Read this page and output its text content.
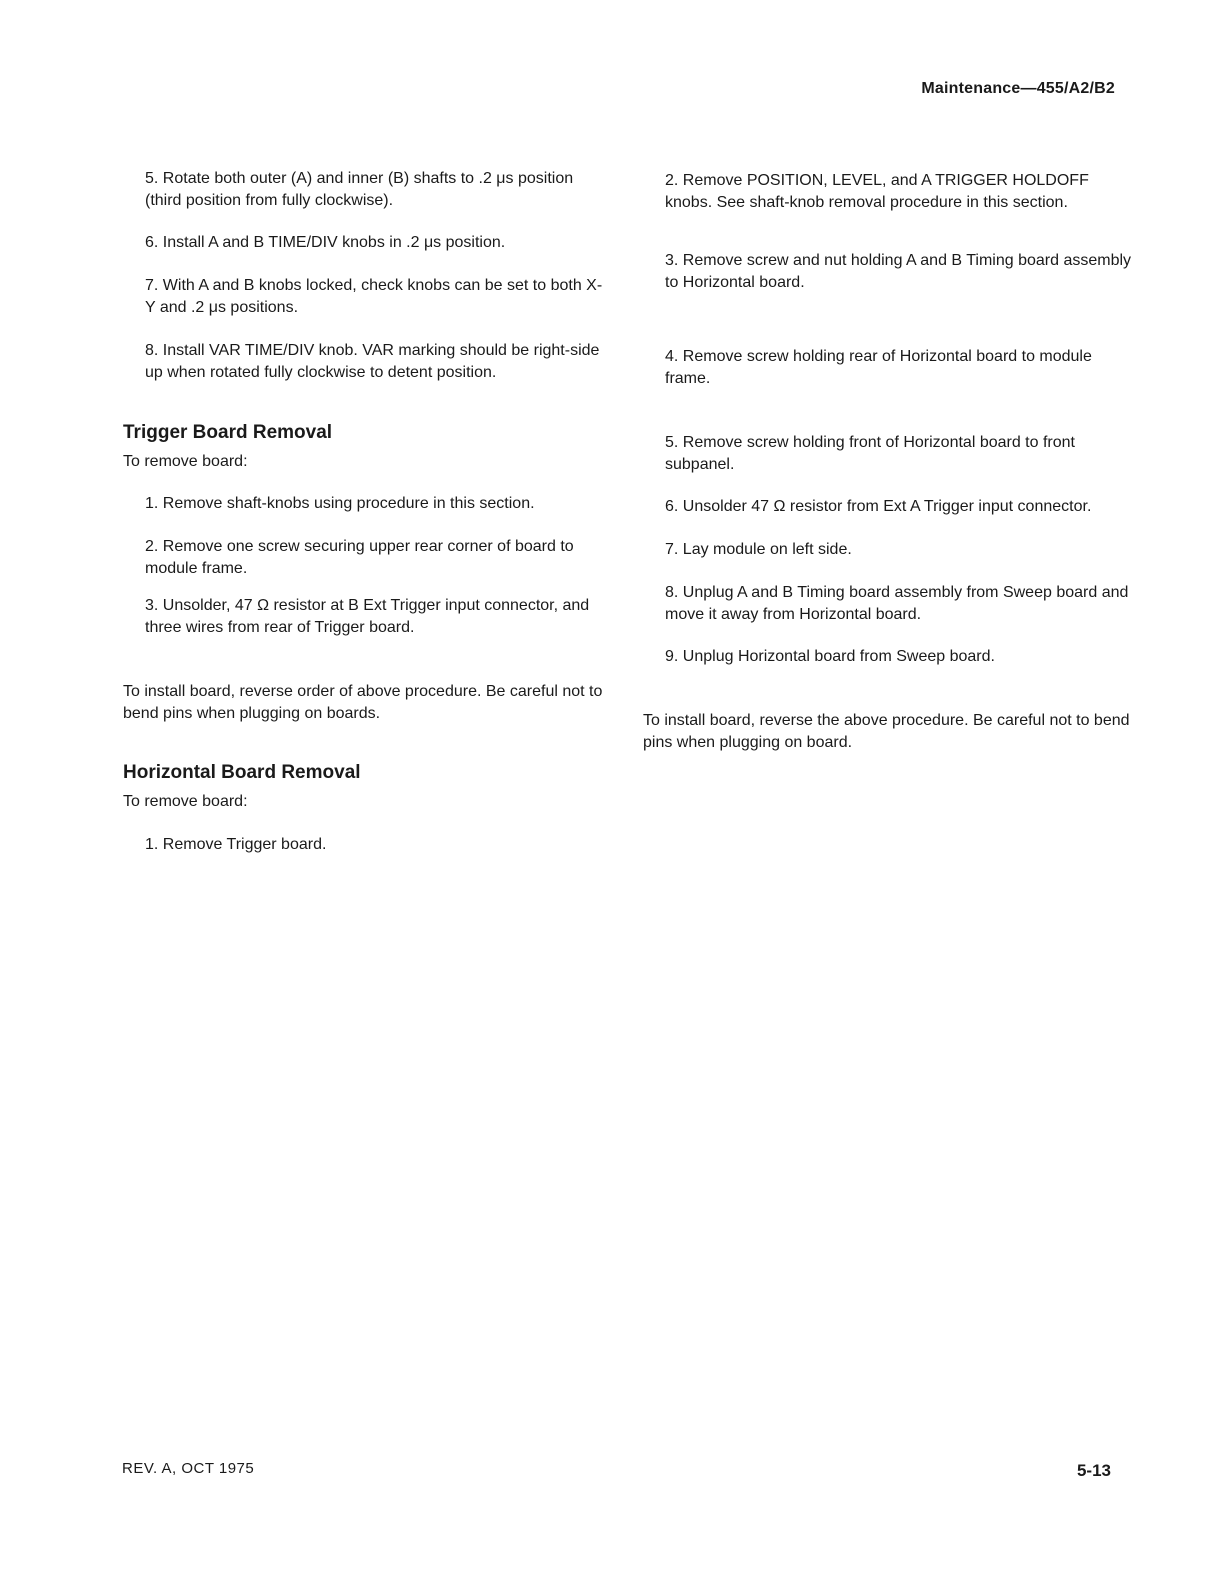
Maintenance—455/A2/B2

5. Rotate both outer (A) and inner (B) shafts to .2 μs position (third position from fully clockwise).

6. Install A and B TIME/DIV knobs in .2 μs position.

7. With A and B knobs locked, check knobs can be set to both X-Y and .2 μs positions.

8. Install VAR TIME/DIV knob. VAR marking should be right-side up when rotated fully clockwise to detent position.

Trigger Board Removal

To remove board:

1. Remove shaft-knobs using procedure in this section.

2. Remove one screw securing upper rear corner of board to module frame.

3. Unsolder, 47 Ω resistor at B Ext Trigger input connector, and three wires from rear of Trigger board.

To install board, reverse order of above procedure. Be careful not to bend pins when plugging on boards.

Horizontal Board Removal

To remove board:

1. Remove Trigger board.

2. Remove POSITION, LEVEL, and A TRIGGER HOLDOFF knobs. See shaft-knob removal procedure in this section.

3. Remove screw and nut holding A and B Timing board assembly to Horizontal board.

4. Remove screw holding rear of Horizontal board to module frame.

5. Remove screw holding front of Horizontal board to front subpanel.

6. Unsolder 47 Ω resistor from Ext A Trigger input connector.

7. Lay module on left side.

8. Unplug A and B Timing board assembly from Sweep board and move it away from Horizontal board.

9. Unplug Horizontal board from Sweep board.

To install board, reverse the above procedure. Be careful not to bend pins when plugging on board.

REV. A, OCT 1975	5-13
